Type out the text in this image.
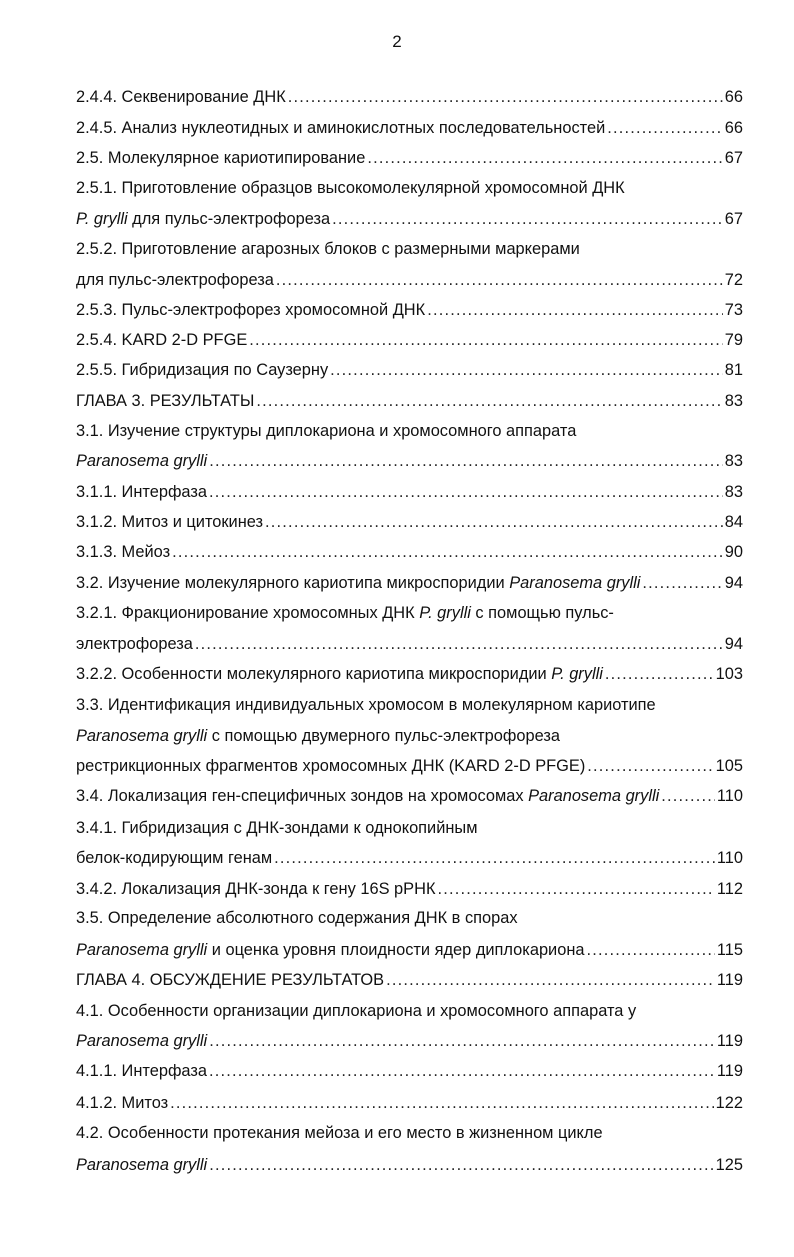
2
2.4.4. Секвенирование ДНК .....	66
2.4.5. Анализ нуклеотидных и аминокислотных последовательностей .....	66
2.5. Молекулярное кариотипирование .....	67
2.5.1. Приготовление образцов высокомолекулярной хромосомной ДНК
P. grylli для пульс-электрофореза .....	67
2.5.2. Приготовление агарозных блоков с размерными маркерами
для пульс-электрофореза .....	72
2.5.3. Пульс-электрофорез хромосомной ДНК .....	73
2.5.4. KARD 2-D PFGE .....	79
2.5.5. Гибридизация по Саузерну .....	81
ГЛАВА 3. РЕЗУЛЬТАТЫ .....	83
3.1. Изучение структуры диплокариона и хромосомного аппарата
Paranosema grylli .....	83
3.1.1. Интерфаза .....	83
3.1.2. Митоз и цитокинез .....	84
3.1.3. Мейоз .....	90
3.2. Изучение молекулярного кариотипа микроспоридии Paranosema grylli .....	94
3.2.1. Фракционирование хромосомных ДНК P. grylli с помощью пульс-
электрофореза .....	94
3.2.2. Особенности молекулярного кариотипа микроспоридии P. grylli .....	103
3.3. Идентификация индивидуальных хромосом в молекулярном кариотипе
Paranosema grylli с помощью двумерного пульс-электрофореза
рестрикционных фрагментов хромосомных ДНК (KARD 2-D PFGE) .....	105
3.4. Локализация ген-специфичных зондов на хромосомах Paranosema grylli .....	110
3.4.1. Гибридизация с ДНК-зондами к однокопийным
белок-кодирующим генам .....	110
3.4.2. Локализация ДНК-зонда к гену 16S рРНК .....	112
3.5. Определение абсолютного содержания ДНК в спорах
Paranosema grylli и оценка уровня плоидности ядер диплокариона .....	115
ГЛАВА 4. ОБСУЖДЕНИЕ РЕЗУЛЬТАТОВ .....	119
4.1. Особенности организации диплокариона и хромосомного аппарата у
Paranosema grylli .....	119
4.1.1. Интерфаза .....	119
4.1.2. Митоз .....	122
4.2. Особенности протекания мейоза и его место в жизненном цикле
Paranosema grylli .....	125
